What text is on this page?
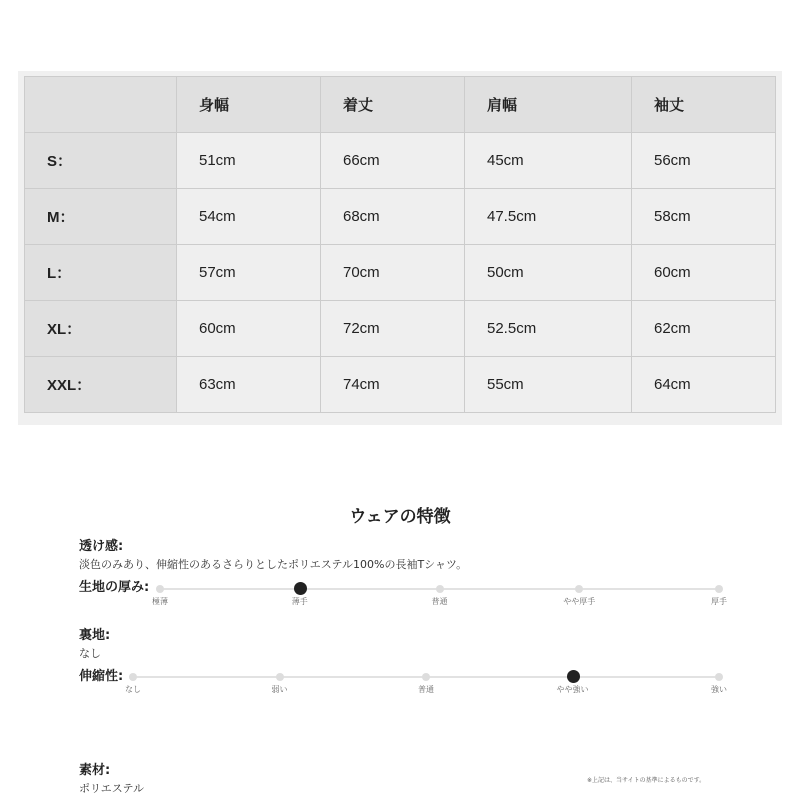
	身幅	着丈	肩幅	袖丈
S：	51cm	66cm	45cm	56cm
M：	54cm	68cm	47.5cm	58cm
L：	57cm	70cm	50cm	60cm
XL：	60cm	72cm	52.5cm	62cm
XXL：	63cm	74cm	55cm	64cm
ウェアの特徴
透け感:
淡色のみあり、伸縮性のあるさらりとしたポリエステル100%の長袖Tシャツ。
生地の厚み:
極薄	薄手	普通	やや厚手	厚手
裏地:
なし
伸縮性:
なし	弱い	普通	やや強い	強い
素材:
ポリエステル
※上記は、当サイトの基準によるものです。
